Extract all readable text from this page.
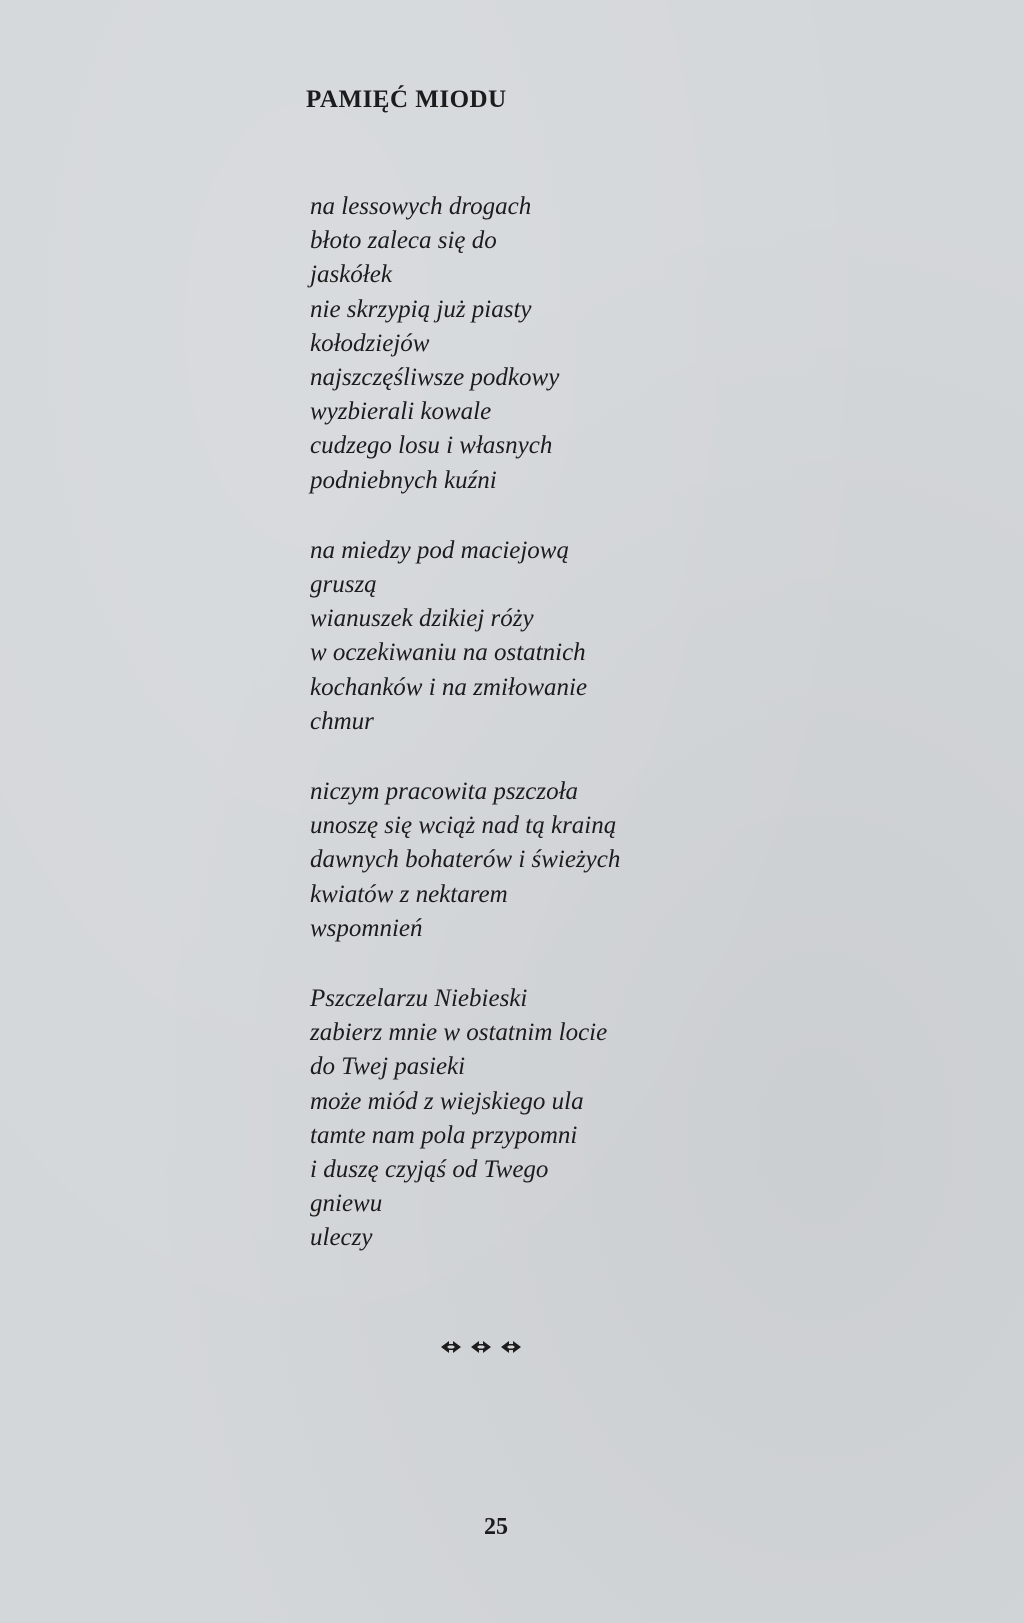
PAMIĘĆ MIODU
na lessowych drogach
błoto zaleca się do
jaskółek
nie skrzypią już piasty
kołodziejów
najszczęśliwsze podkowy
wyzbierali kowale
cudzego losu i własnych
podniebnych kuźni
na miedzy pod maciejową
gruszą
wianuszek dzikiej róży
w oczekiwaniu na ostatnich
kochanków i na zmiłowanie
chmur
niczym pracowita pszczoła
unoszę się wciąż nad tą krainą
dawnych bohaterów i świeżych
kwiatów z nektarem
wspomnień
Pszczelarzu Niebieski
zabierz mnie w ostatnim locie
do Twej pasieki
może miód z wiejskiego ula
tamte nam pola przypomni
i duszę czyjąś od Twego
gniewu
uleczy

25
